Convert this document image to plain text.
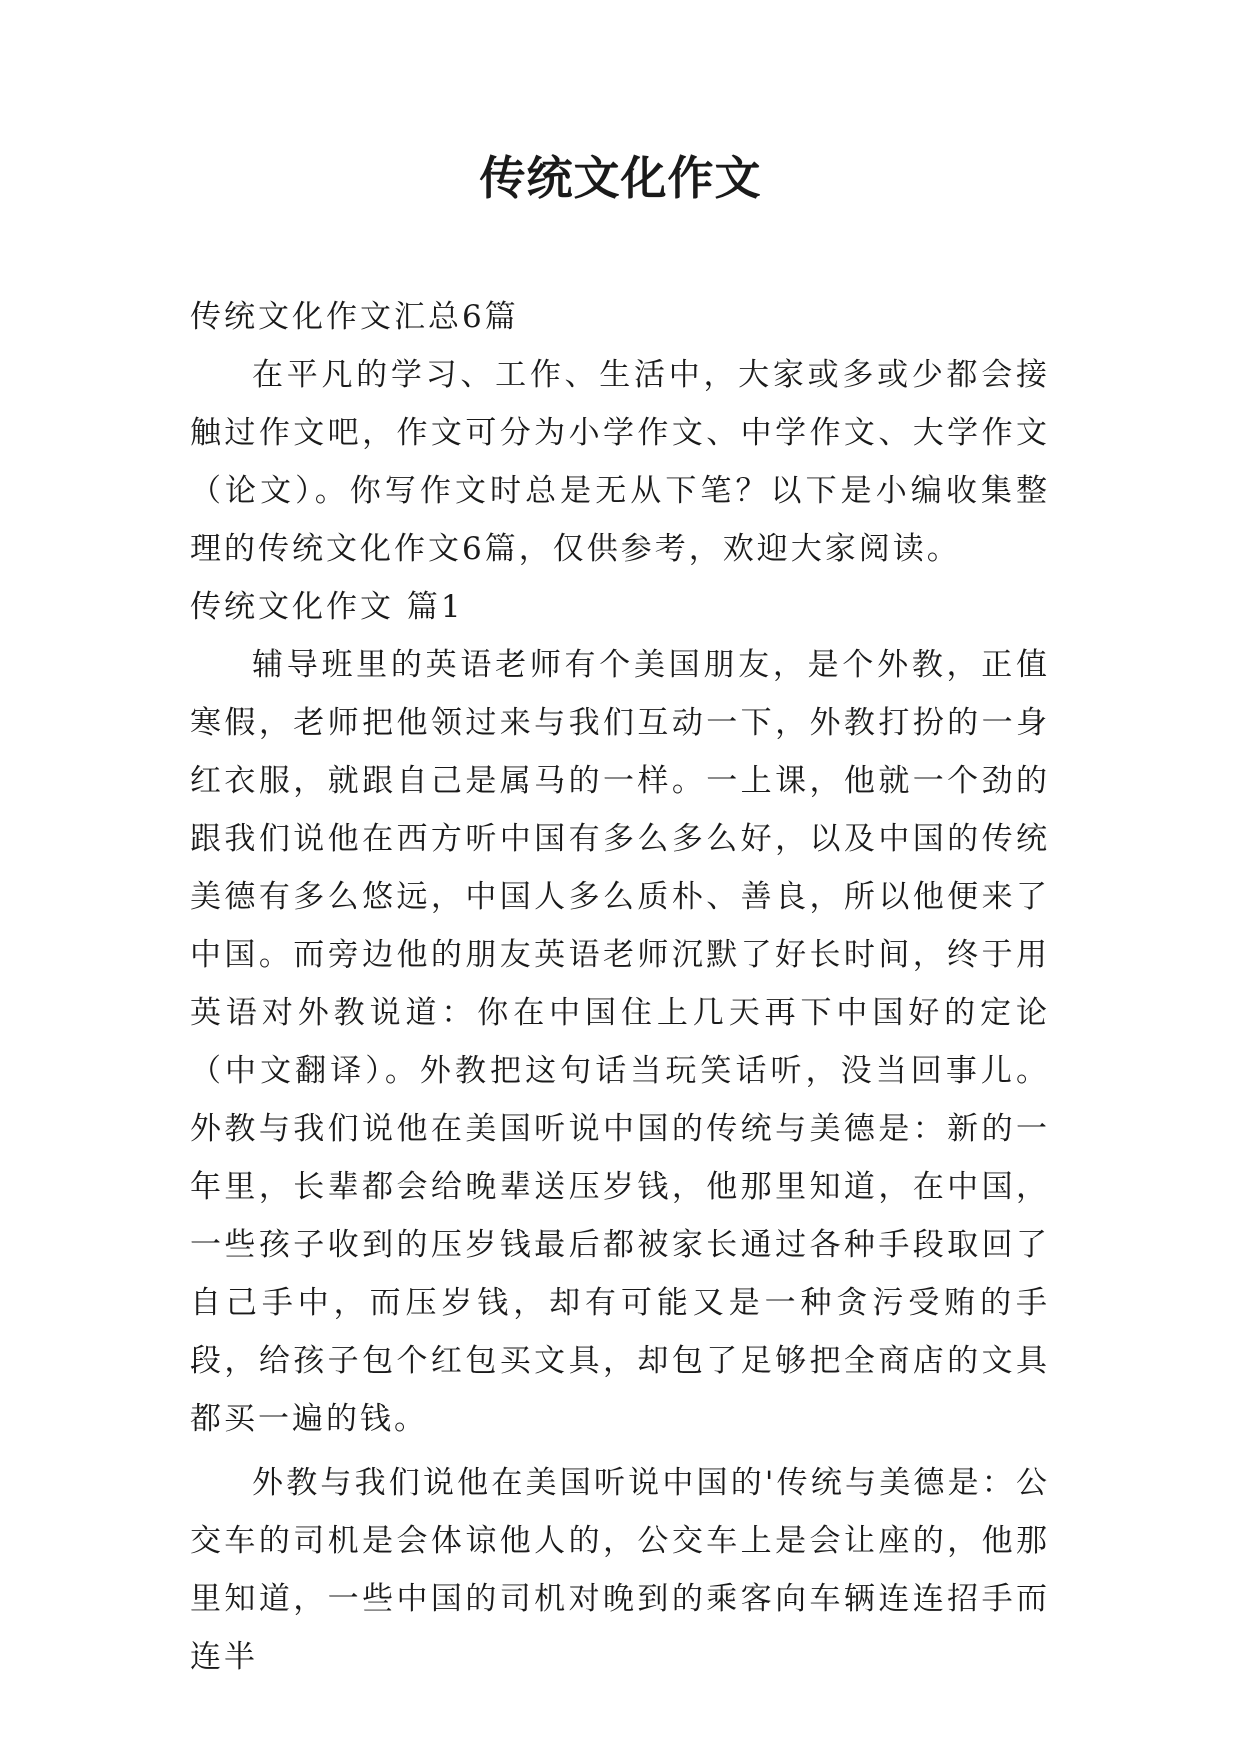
传统文化作文

传统文化作文汇总6篇

在平凡的学习、工作、生活中，大家或多或少都会接触过作文吧，作文可分为小学作文、中学作文、大学作文（论文）。你写作文时总是无从下笔？以下是小编收集整理的传统文化作文6篇，仅供参考，欢迎大家阅读。

传统文化作文 篇1

辅导班里的英语老师有个美国朋友，是个外教，正值寒假，老师把他领过来与我们互动一下，外教打扮的一身红衣服，就跟自己是属马的一样。一上课，他就一个劲的跟我们说他在西方听中国有多么多么好，以及中国的传统美德有多么悠远，中国人多么质朴、善良，所以他便来了中国。而旁边他的朋友英语老师沉默了好长时间，终于用英语对外教说道：你在中国住上几天再下中国好的定论（中文翻译）。外教把这句话当玩笑话听，没当回事儿。 外教与我们说他在美国听说中国的传统与美德是：新的一年里，长辈都会给晚辈送压岁钱，他那里知道，在中国，一些孩子收到的压岁钱最后都被家长通过各种手段取回了自己手中，而压岁钱，却有可能又是一种贪污受贿的手段，给孩子包个红包买文具，却包了足够把全商店的文具都买一遍的钱。

外教与我们说他在美国听说中国的'传统与美德是：公交车的司机是会体谅他人的，公交车上是会让座的，他那里知道，一些中国的司机对晚到的乘客向车辆连连招手而连半
